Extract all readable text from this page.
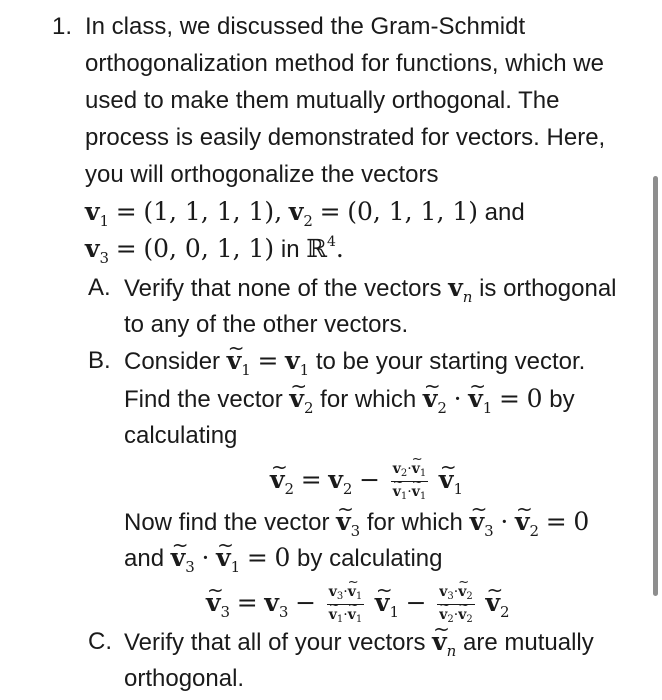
1. In class, we discussed the Gram-Schmidt
orthogonalization method for functions, which we
used to make them mutually orthogonal. The
process is easily demonstrated for vectors. Here,
you will orthogonalize the vectors
$v_1 = (1$, 1, 1, 1), $v_2 = (0$, 1, 1, 1) and
$v_3 = (0$, 0, 1, 1) in ℝ$^4$.
A. Verify that none of the vectors $v_n$ is orthogonal
to any of the other vectors.
B. Consider ~ $v_1 = v_1$ to be your starting vector.
Find the vector ~ $v_2$ for which ~ $v_2$ · ~ $v_1 = 0$ by
calculating
~ $v_2 = v_2$ − $v_2\cdot\sim$ $v_1$
~ $v_1\cdot\sim$ $v_1$ ~ $v_1$
Now find the vector ~ $v_3$ for which ~ $v_3$ · ~ $v_2 = 0$
and ~ $v_3$ · ~ $v_1 = 0$ by calculating
~ $v_3 = v_3$ − $v_3\cdot\sim$ $v_1$
~ $v_1\cdot\sim$ $v_1$ ~ $v_1$ − $v_3\cdot\sim$ $v_2$
~ $v_2\cdot\sim$ $v_2$ ~ $v_2$
C. Verify that all of your vectors ~ $v_n$ are mutually
orthogonal.
